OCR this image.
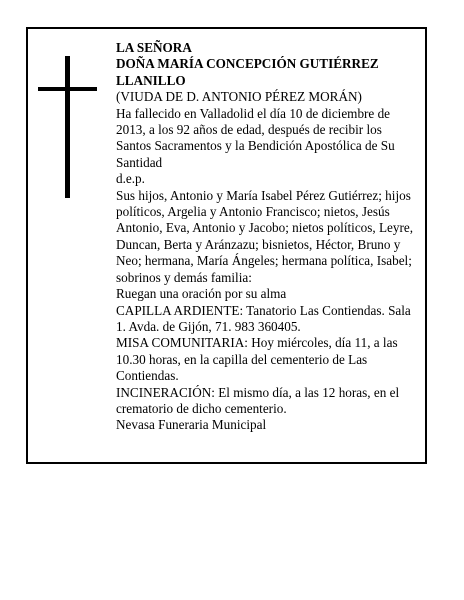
LA SEÑORA
DOÑA MARÍA CONCEPCIÓN GUTIÉRREZ LLANILLO
(VIUDA DE D. ANTONIO PÉREZ MORÁN)
Ha fallecido en Valladolid el día 10 de diciembre de 2013, a los 92 años de edad, después de recibir los Santos Sacramentos y la Bendición Apostólica de Su Santidad
d.e.p.
Sus hijos, Antonio y María Isabel Pérez Gutiérrez; hijos políticos, Argelia y Antonio Francisco; nietos, Jesús Antonio, Eva, Antonio y Jacobo; nietos políticos, Leyre, Duncan, Berta y Aránzazu; bisnietos, Héctor, Bruno y Neo; hermana, María Ángeles; hermana política, Isabel; sobrinos y demás familia:
Ruegan una oración por su alma
CAPILLA ARDIENTE: Tanatorio Las Contiendas. Sala 1. Avda. de Gijón, 71. 983 360405.
MISA COMUNITARIA: Hoy miércoles, día 11, a las 10.30 horas, en la capilla del cementerio de Las Contiendas.
INCINERACIÓN: El mismo día, a las 12 horas, en el crematorio de dicho cementerio.
Nevasa Funeraria Municipal
